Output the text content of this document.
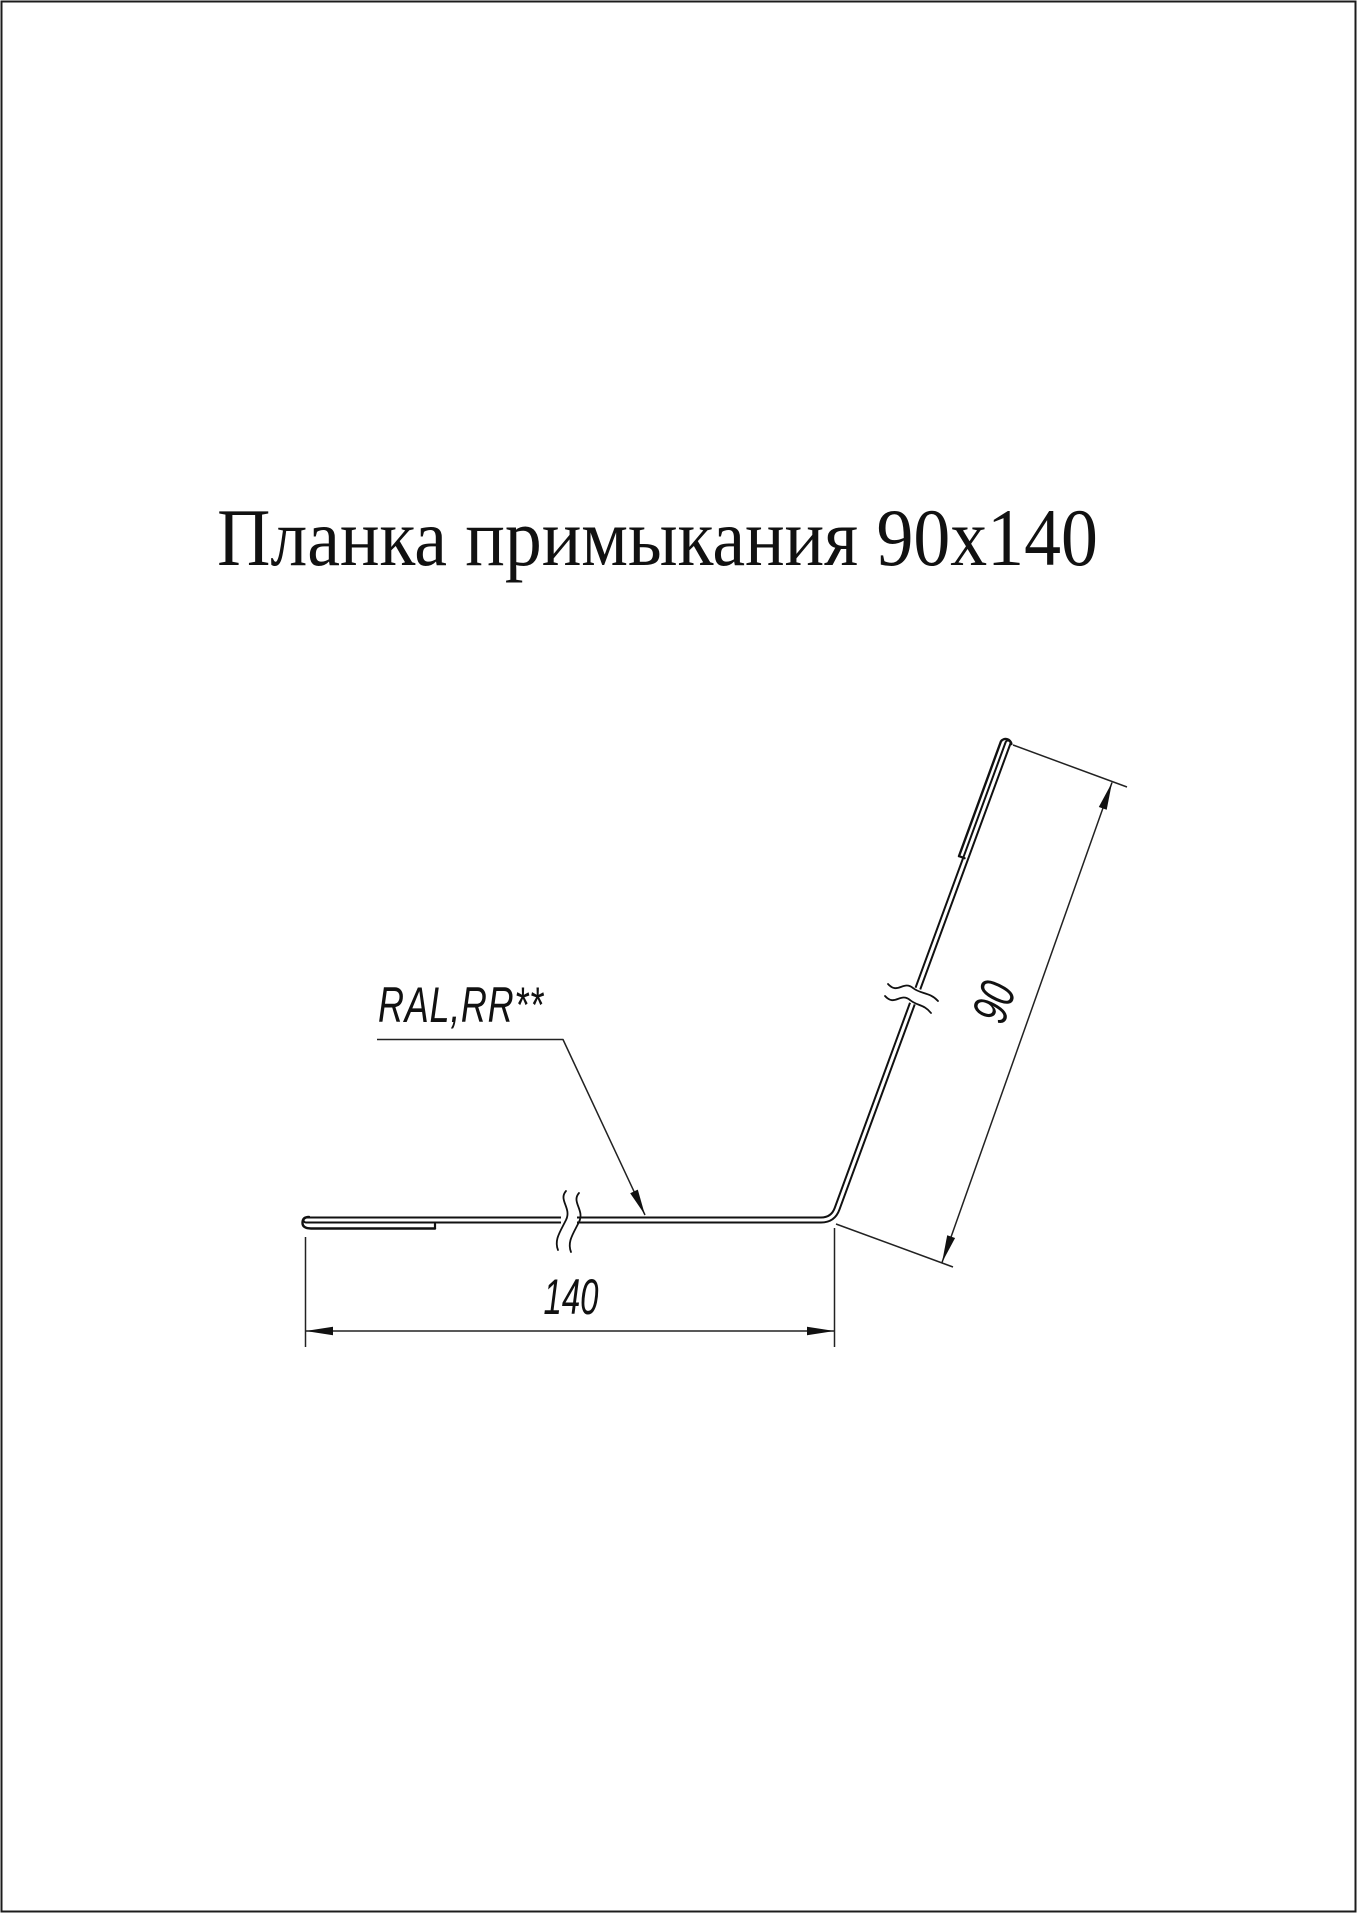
Планка примыкания 90х140
140
90
RAL,RR**
